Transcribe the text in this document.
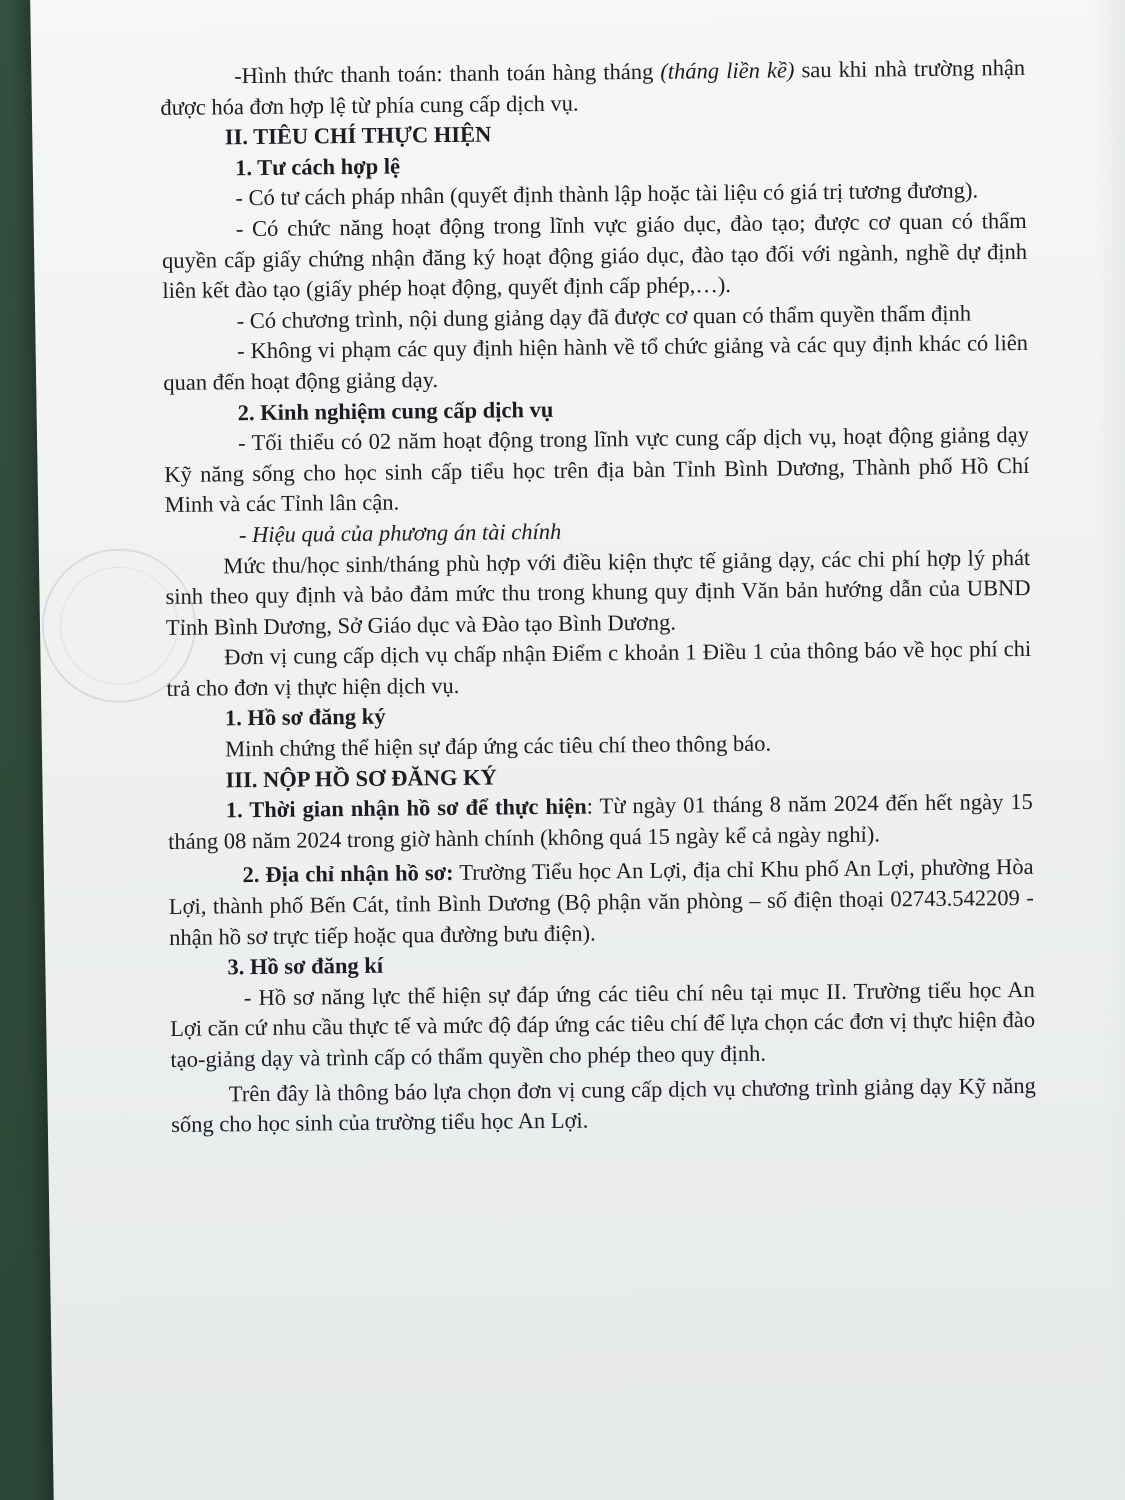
-Hình thức thanh toán: thanh toán hàng tháng (tháng liền kề) sau khi nhà trường nhận được hóa đơn hợp lệ từ phía cung cấp dịch vụ.

II. TIÊU CHÍ THỰC HIỆN

1. Tư cách hợp lệ

- Có tư cách pháp nhân (quyết định thành lập hoặc tài liệu có giá trị tương đương).

- Có chức năng hoạt động trong lĩnh vực giáo dục, đào tạo; được cơ quan có thẩm quyền cấp giấy chứng nhận đăng ký hoạt động giáo dục, đào tạo đối với ngành, nghề dự định liên kết đào tạo (giấy phép hoạt động, quyết định cấp phép,…).

- Có chương trình, nội dung giảng dạy đã được cơ quan có thẩm quyền thẩm định

- Không vi phạm các quy định hiện hành về tổ chức giảng và các quy định khác có liên quan đến hoạt động giảng dạy.

2. Kinh nghiệm cung cấp dịch vụ

- Tối thiểu có 02 năm hoạt động trong lĩnh vực cung cấp dịch vụ, hoạt động giảng dạy Kỹ năng sống cho học sinh cấp tiểu học trên địa bàn Tỉnh Bình Dương, Thành phố Hồ Chí Minh và các Tỉnh lân cận.

- Hiệu quả của phương án tài chính

Mức thu/học sinh/tháng phù hợp với điều kiện thực tế giảng dạy, các chi phí hợp lý phát sinh theo quy định và bảo đảm mức thu trong khung quy định Văn bản hướng dẫn của UBND Tỉnh Bình Dương, Sở Giáo dục và Đào tạo Bình Dương.

Đơn vị cung cấp dịch vụ chấp nhận Điểm c khoản 1 Điều 1 của thông báo về học phí chi trả cho đơn vị thực hiện dịch vụ.

1. Hồ sơ đăng ký

Minh chứng thể hiện sự đáp ứng các tiêu chí theo thông báo.

III. NỘP HỒ SƠ ĐĂNG KÝ

1. Thời gian nhận hồ sơ để thực hiện: Từ ngày 01 tháng 8 năm 2024 đến hết ngày 15 tháng 08 năm 2024 trong giờ hành chính (không quá 15 ngày kể cả ngày nghỉ).

2. Địa chỉ nhận hồ sơ: Trường Tiểu học An Lợi, địa chỉ Khu phố An Lợi, phường Hòa Lợi, thành phố Bến Cát, tỉnh Bình Dương (Bộ phận văn phòng – số điện thoại 02743.542209 - nhận hồ sơ trực tiếp hoặc qua đường bưu điện).

3. Hồ sơ đăng kí

- Hồ sơ năng lực thể hiện sự đáp ứng các tiêu chí nêu tại mục II. Trường tiểu học An Lợi căn cứ nhu cầu thực tế và mức độ đáp ứng các tiêu chí để lựa chọn các đơn vị thực hiện đào tạo-giảng dạy và trình cấp có thẩm quyền cho phép theo quy định.

Trên đây là thông báo lựa chọn đơn vị cung cấp dịch vụ chương trình giảng dạy Kỹ năng sống cho học sinh của trường tiểu học An Lợi.
